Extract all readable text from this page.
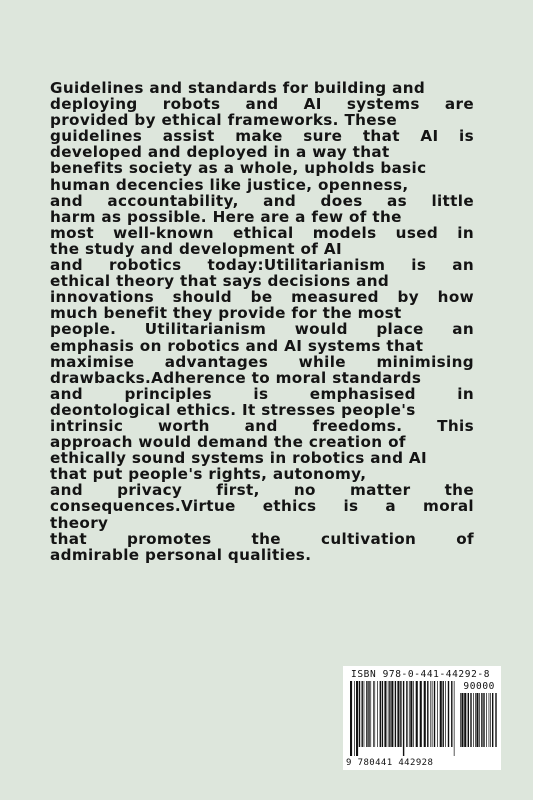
Guidelines and standards for building and
deploying robots and AI systems are
provided by ethical frameworks. These
guidelines assist make sure that AI is
developed and deployed in a way that
benefits society as a whole, upholds basic
human decencies like justice, openness,
and accountability, and does as little
harm as possible. Here are a few of the
most well-known ethical models used in
the study and development of AI
and robotics today:Utilitarianism is an
ethical theory that says decisions and
innovations should be measured by how
much benefit they provide for the most
people. Utilitarianism would place an
emphasis on robotics and AI systems that
maximise advantages while minimising
drawbacks.Adherence to moral standards
and principles is emphasised in
deontological ethics. It stresses people's
intrinsic worth and freedoms. This
approach would demand the creation of
ethically sound systems in robotics and AI
that put people's rights, autonomy,
and privacy first, no matter the
consequences.Virtue ethics is a moral
theory
that promotes the cultivation of
admirable personal qualities.
ISBN 978-0-441-44292-8
90000
9 780441 442928
